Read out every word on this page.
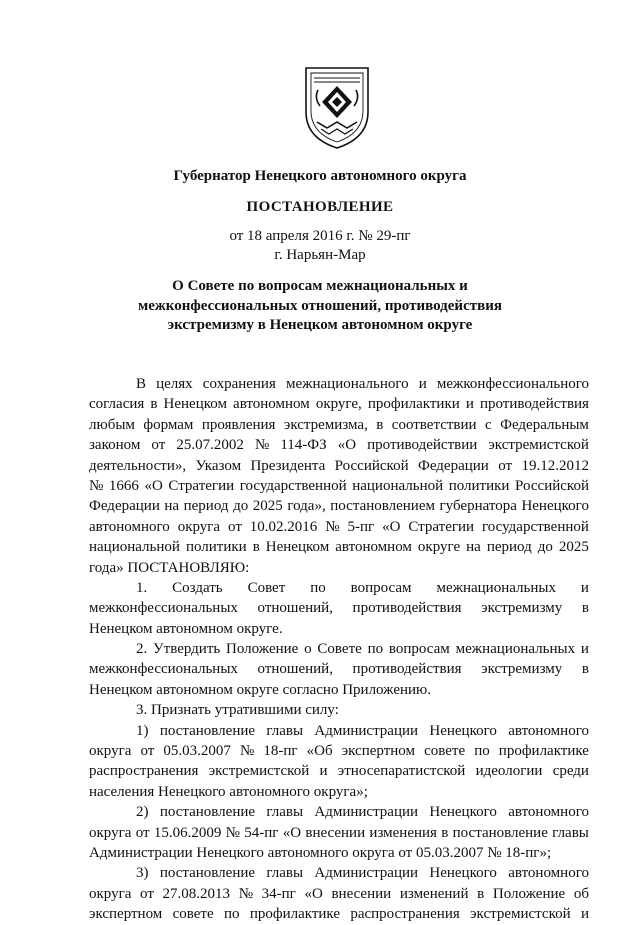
Губернатор Ненецкого автономного округа
ПОСТАНОВЛЕНИЕ
от 18 апреля 2016 г. № 29-пг
г. Нарьян-Мар
О Совете по вопросам межнациональных и
межконфессиональных отношений, противодействия
экстремизму в Ненецком автономном округе
В целях сохранения межнационального и межконфессионального
согласия в Ненецком автономном округе, профилактики и противодействия
любым формам проявления экстремизма, в соответствии с Федеральным
законом от 25.07.2002 № 114-ФЗ «О противодействии экстремистской
деятельности», Указом Президента Российской Федерации от 19.12.2012
№ 1666 «О Стратегии государственной национальной политики Российской
Федерации на период до 2025 года», постановлением губернатора Ненецкого
автономного округа от 10.02.2016 № 5-пг «О Стратегии государственной
национальной политики в Ненецком автономном округе на период до 2025
года» ПОСТАНОВЛЯЮ:
1. Создать Совет по вопросам межнациональных и
межконфессиональных отношений, противодействия экстремизму в
Ненецком автономном округе.
2. Утвердить Положение о Совете по вопросам межнациональных и
межконфессиональных отношений, противодействия экстремизму в
Ненецком автономном округе согласно Приложению.
3. Признать утратившими силу:
1) постановление главы Администрации Ненецкого автономного
округа от 05.03.2007 № 18-пг «Об экспертном совете по профилактике
распространения экстремистской и этносепаратистской идеологии среди
населения Ненецкого автономного округа»;
2) постановление главы Администрации Ненецкого автономного
округа от 15.06.2009 № 54-пг «О внесении изменения в постановление главы
Администрации Ненецкого автономного округа от 05.03.2007 № 18-пг»;
3) постановление главы Администрации Ненецкого автономного
округа от 27.08.2013 № 34-пг «О внесении изменений в Положение об
экспертном совете по профилактике распространения экстремистской и
